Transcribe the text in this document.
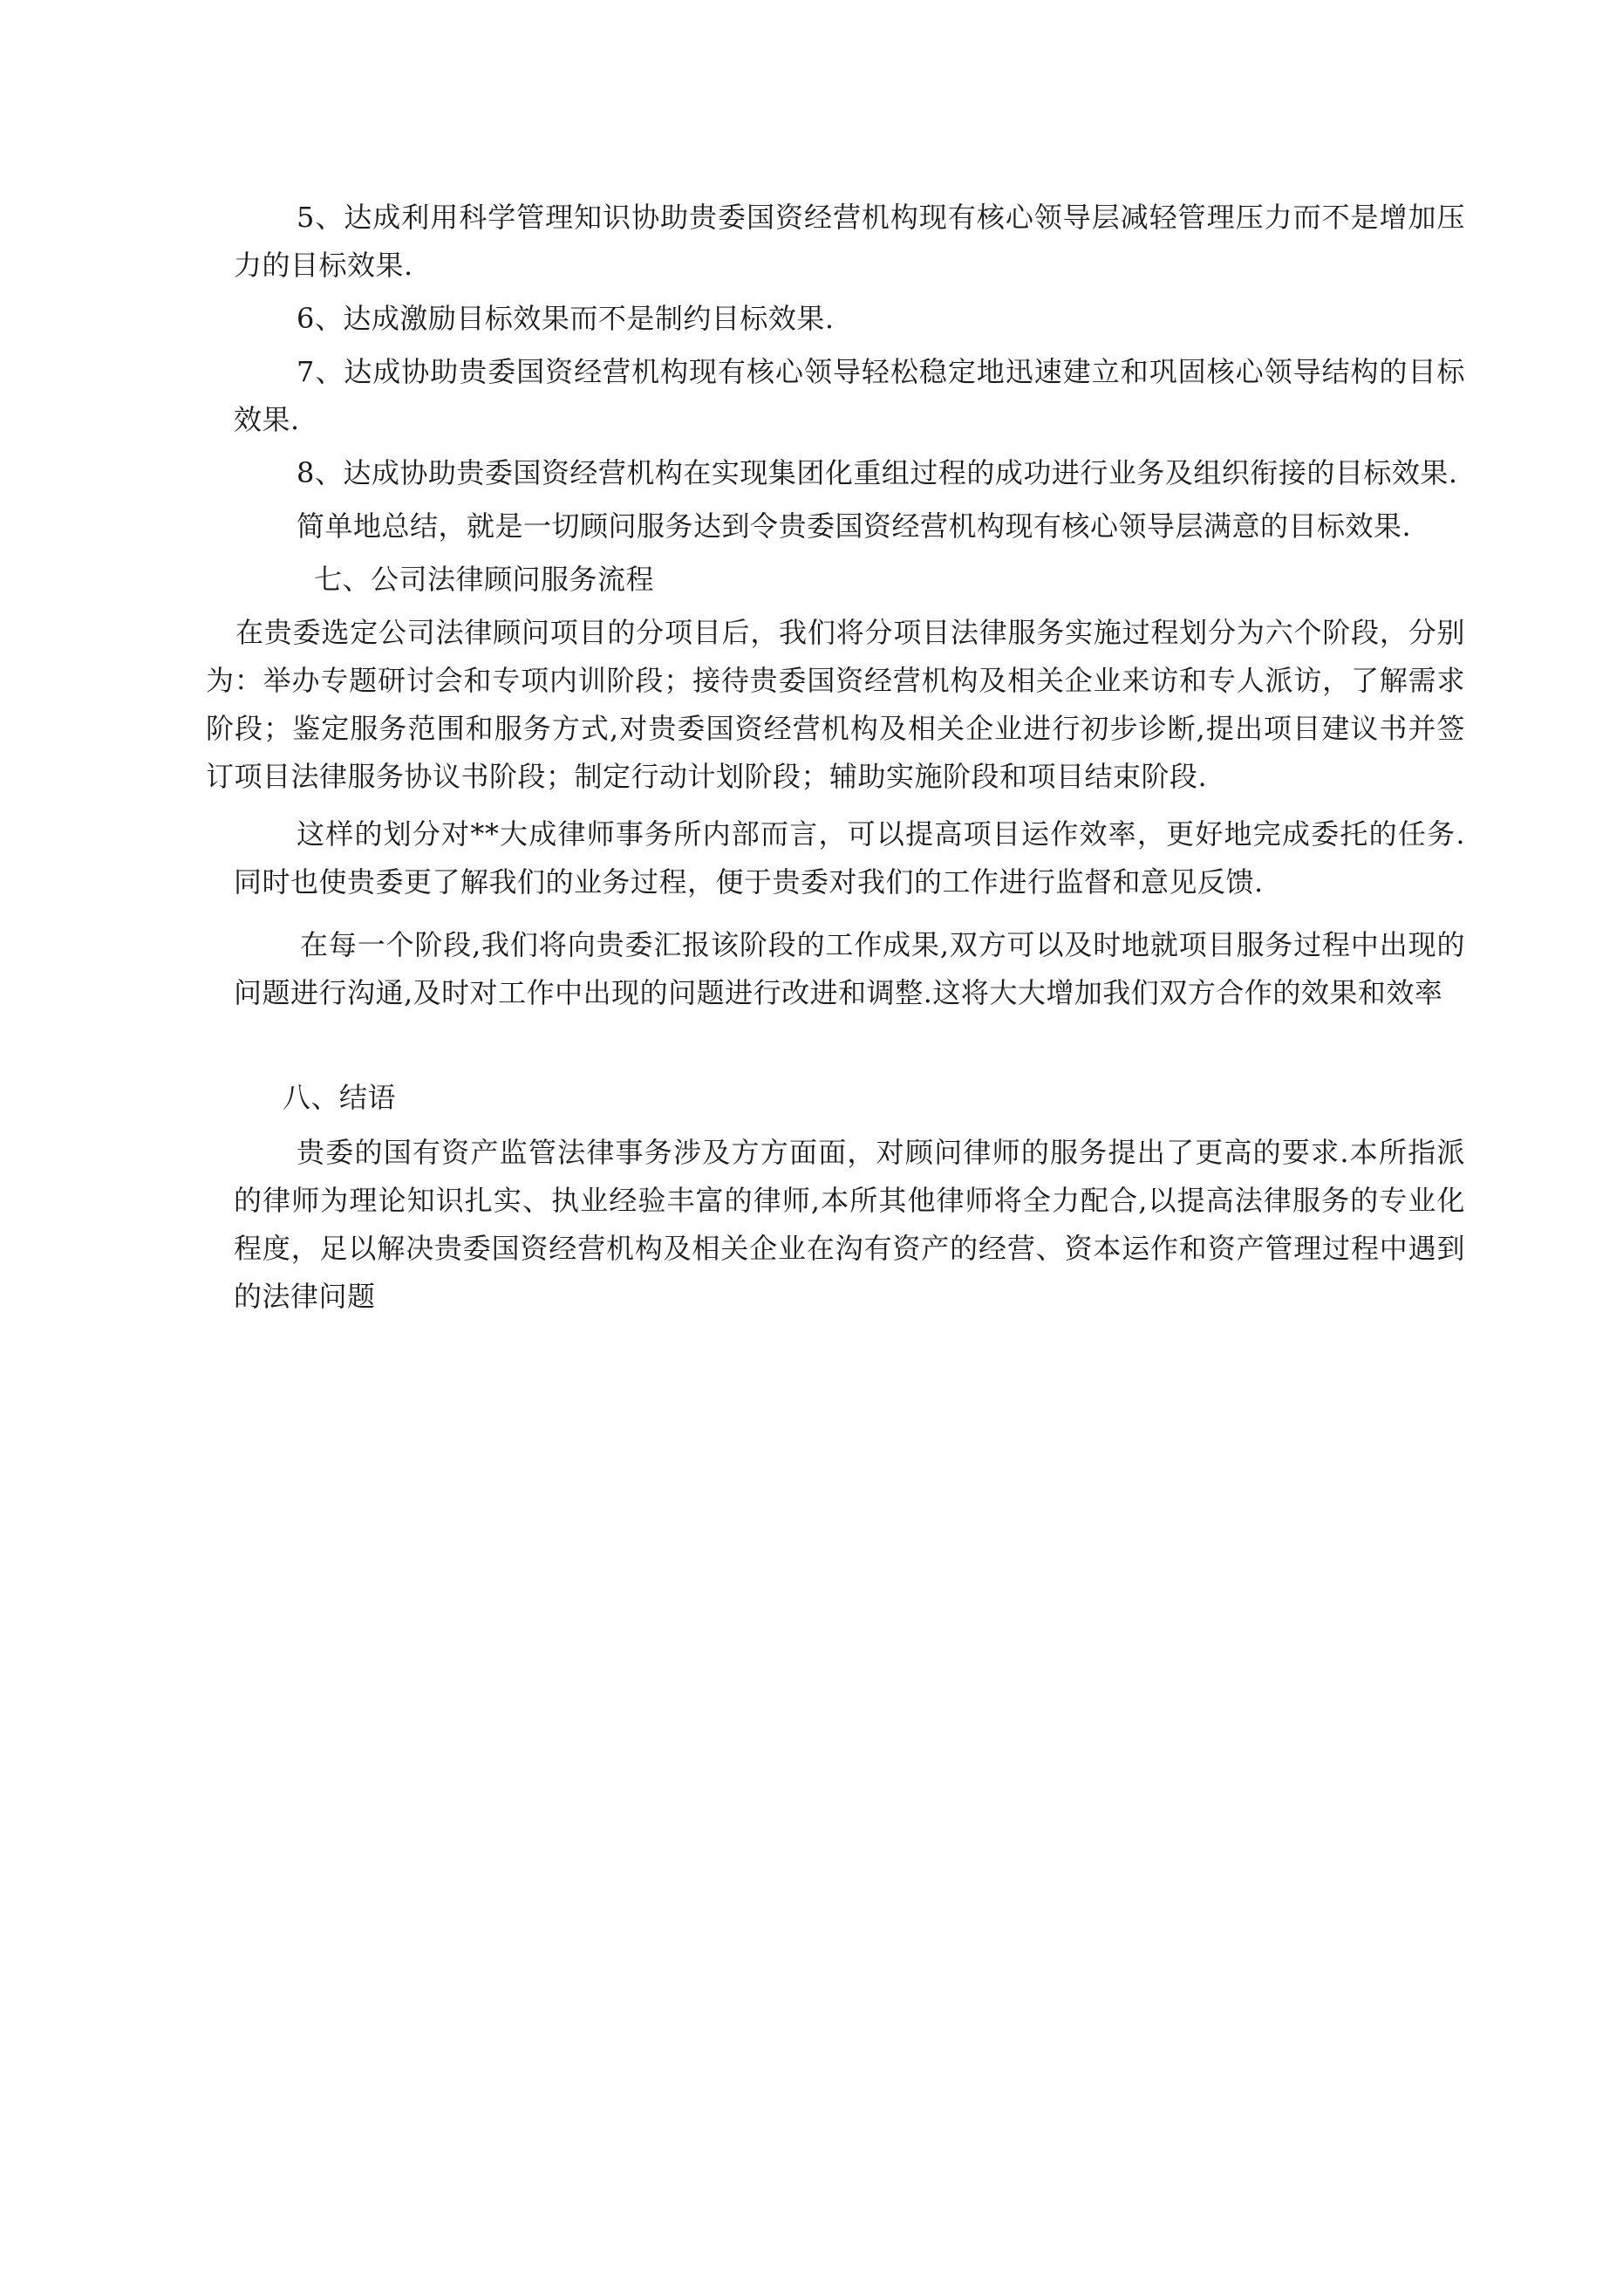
5、达成利用科学管理知识协助贵委国资经营机构现有核心领导层减轻管理压力而不是增加压力的目标效果.

6、达成激励目标效果而不是制约目标效果.

7、达成协助贵委国资经营机构现有核心领导轻松稳定地迅速建立和巩固核心领导结构的目标效果.

8、达成协助贵委国资经营机构在实现集团化重组过程的成功进行业务及组织衔接的目标效果.

简单地总结，就是一切顾问服务达到令贵委国资经营机构现有核心领导层满意的目标效果.

七、公司法律顾问服务流程

在贵委选定公司法律顾问项目的分项目后，我们将分项目法律服务实施过程划分为六个阶段，分别为：举办专题研讨会和专项内训阶段；接待贵委国资经营机构及相关企业来访和专人派访，了解需求阶段；鉴定服务范围和服务方式,对贵委国资经营机构及相关企业进行初步诊断,提出项目建议书并签订项目法律服务协议书阶段；制定行动计划阶段；辅助实施阶段和项目结束阶段.

这样的划分对**大成律师事务所内部而言，可以提高项目运作效率，更好地完成委托的任务.同时也使贵委更了解我们的业务过程，便于贵委对我们的工作进行监督和意见反馈.

在每一个阶段,我们将向贵委汇报该阶段的工作成果,双方可以及时地就项目服务过程中出现的问题进行沟通,及时对工作中出现的问题进行改进和调整.这将大大增加我们双方合作的效果和效率

八、结语

贵委的国有资产监管法律事务涉及方方面面，对顾问律师的服务提出了更高的要求.本所指派的律师为理论知识扎实、执业经验丰富的律师,本所其他律师将全力配合,以提高法律服务的专业化程度，足以解决贵委国资经营机构及相关企业在沟有资产的经营、资本运作和资产管理过程中遇到的法律问题
